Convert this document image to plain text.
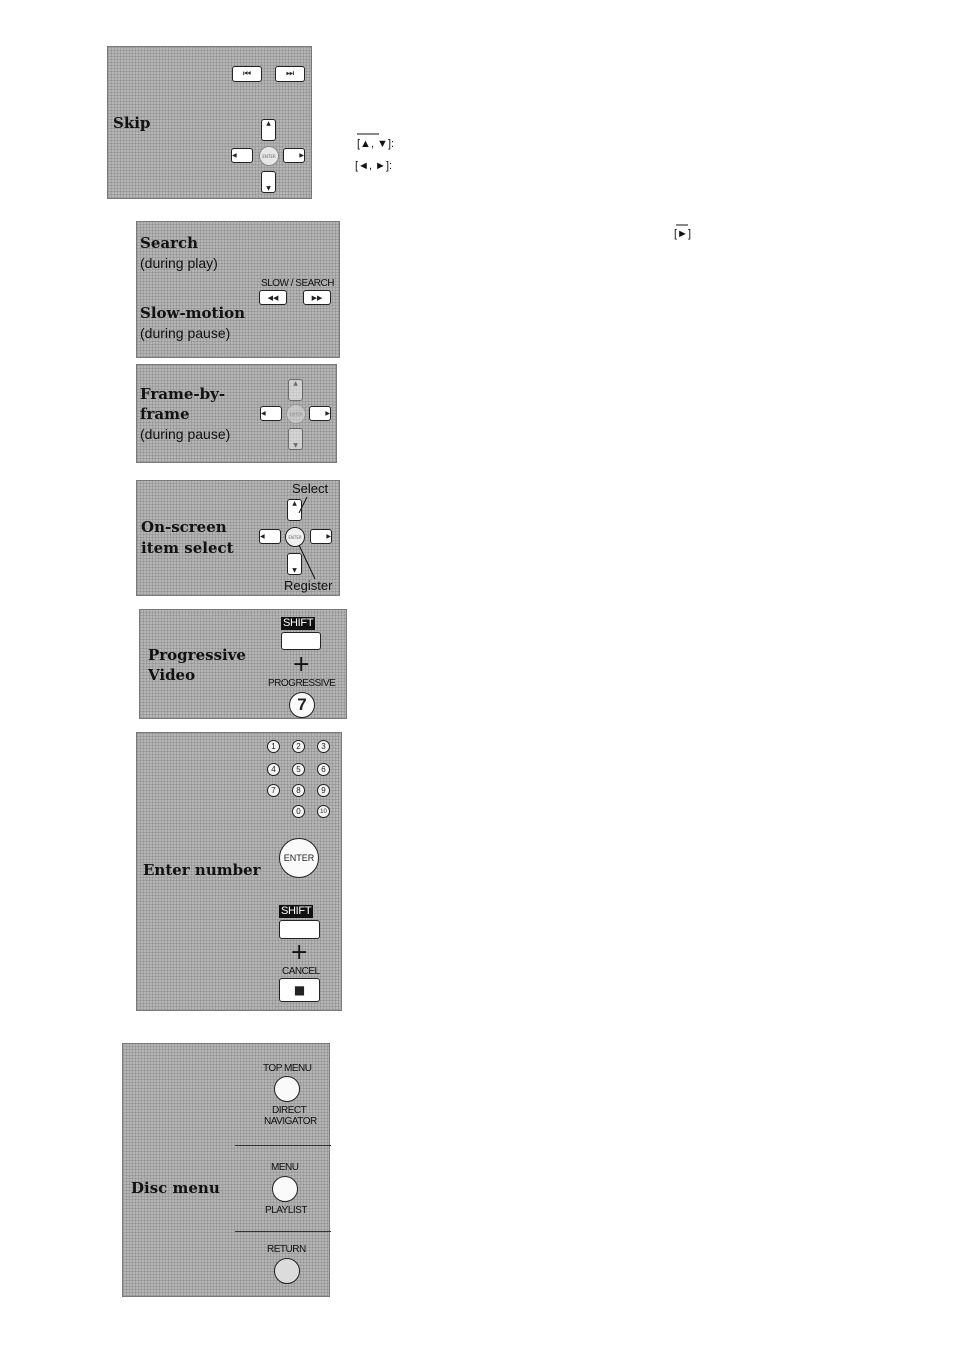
Skip
⏮	⏭
▲
◀	ENTER	▶
▼
[▲, ▼]:
[◄, ►]:
Search
(during play)
Slow-motion
(during pause)
SLOW / SEARCH
◀◀	▶▶
[►]
Frame-by-
frame
(during pause)
▲
◀	ENTER	▶
▼
On-screen
item select
Select
▲
◀	ENTER	▶
▼
Register
Progressive
Video
SHIFT
+
PROGRESSIVE
7
Enter number
1	2	3
4	5	6
7	8	9
0	10
ENTER
SHIFT
+
CANCEL
■
Disc menu
TOP MENU
DIRECT
NAVIGATOR
MENU
PLAYLIST
RETURN
